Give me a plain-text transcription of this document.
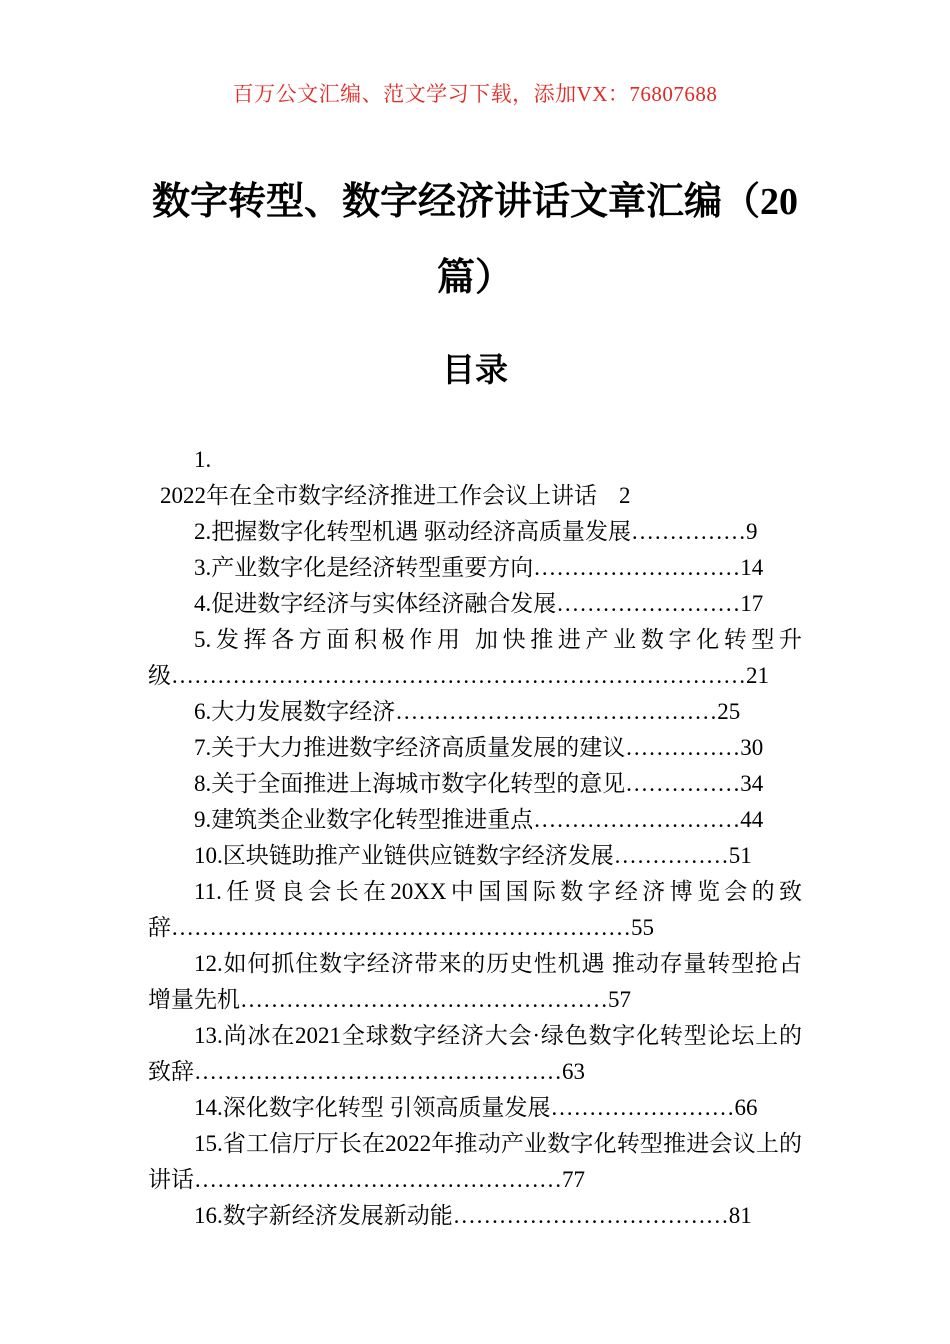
百万公文汇编、范文学习下载，添加VX：76807688
数字转型、数字经济讲话文章汇编（20篇）
目录

1.
2022年在全市数字经济推进工作会议上讲话 2

2.把握数字化转型机遇 驱动经济高质量发展……………9

3.产业数字化是经济转型重要方向………………………14

4.促进数字经济与实体经济融合发展……………………17

5.发挥各方面积极作用 加快推进产业数字化转型升级…………………………………………………………………21

6.大力发展数字经济……………………………………25

7.关于大力推进数字经济高质量发展的建议……………30

8.关于全面推进上海城市数字化转型的意见……………34

9.建筑类企业数字化转型推进重点………………………44

10.区块链助推产业链供应链数字经济发展……………51

11.任贤良会长在20XX中国国际数字经济博览会的致辞……………………………………………………55

12.如何抓住数字经济带来的历史性机遇 推动存量转型抢占增量先机…………………………………………57

13.尚冰在2021全球数字经济大会·绿色数字化转型论坛上的致辞…………………………………………63

14.深化数字化转型 引领高质量发展……………………66

15.省工信厅厅长在2022年推动产业数字化转型推进会议上的讲话…………………………………………77

16.数字新经济发展新动能………………………………81
